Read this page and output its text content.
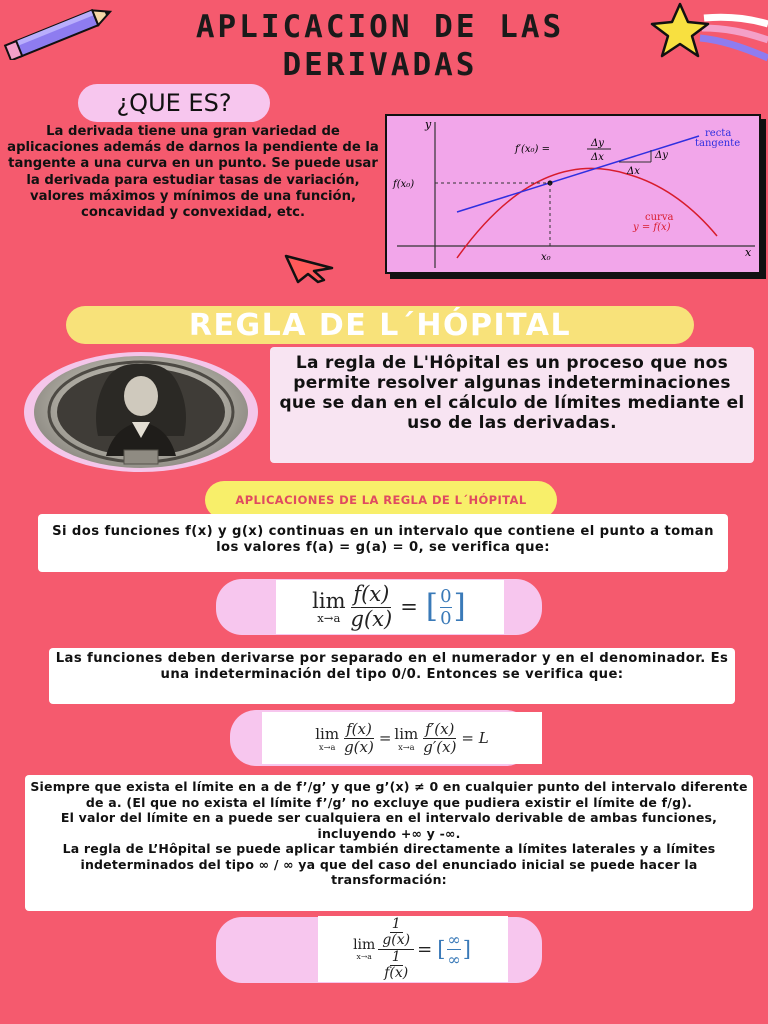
APLICACION DE LAS
DERIVADAS
¿QUE ES?
La derivada tiene una gran variedad de aplicaciones además de darnos la pendiente de la tangente a una curva en un punto. Se puede usar la derivada para estudiar tasas de variación, valores máximos y mínimos de una función, concavidad y convexidad, etc.
y
x
f(x₀)
x₀
f′(x₀) =
Δy
Δx	Δy
Δx
recta
tangente
curva
y = f(x)
REGLA DE L´HÓPITAL
La regla de L'Hôpital es un proceso que nos permite resolver algunas indeterminaciones que se dan en el cálculo de límites mediante el uso de las derivadas.
APLICACIONES DE LA REGLA DE L´HÓPITAL
Si dos funciones f(x) y g(x) continuas en un intervalo que contiene el punto a toman los valores f(a) = g(a) = 0, se verifica que:
lim
$x\to a \frac{f(x)}{g(x)}$ = [ $\frac{0}{0}$ ]
Las funciones deben derivarse por separado en el numerador y en el denominador. Es una indeterminación del tipo 0/0. Entonces se verifica que:
lim
$x\to a \frac{f(x)}{g(x)} = \lim$
$x\to a \frac{f'(x)}{g'(x)} = L$
Siempre que exista el límite en a de f’/g’ y que g’(x) ≠ 0 en cualquier punto del intervalo diferente de a. (El que no exista el límite f’/g’ no excluye que pudiera existir el límite de f/g).
El valor del límite en a puede ser cualquiera en el intervalo derivable de ambas funciones, incluyendo +∞ y -∞.
La regla de L’Hôpital se puede aplicar también directamente a límites laterales y a límites indeterminados del tipo ∞ / ∞ ya que del caso del enunciado inicial se puede hacer la transformación:
lim
$x\to a \frac{\frac{1}{g(x)}}{\frac{1}{f(x)}}$ = [ $\frac{\infty}{\infty}$ ]
